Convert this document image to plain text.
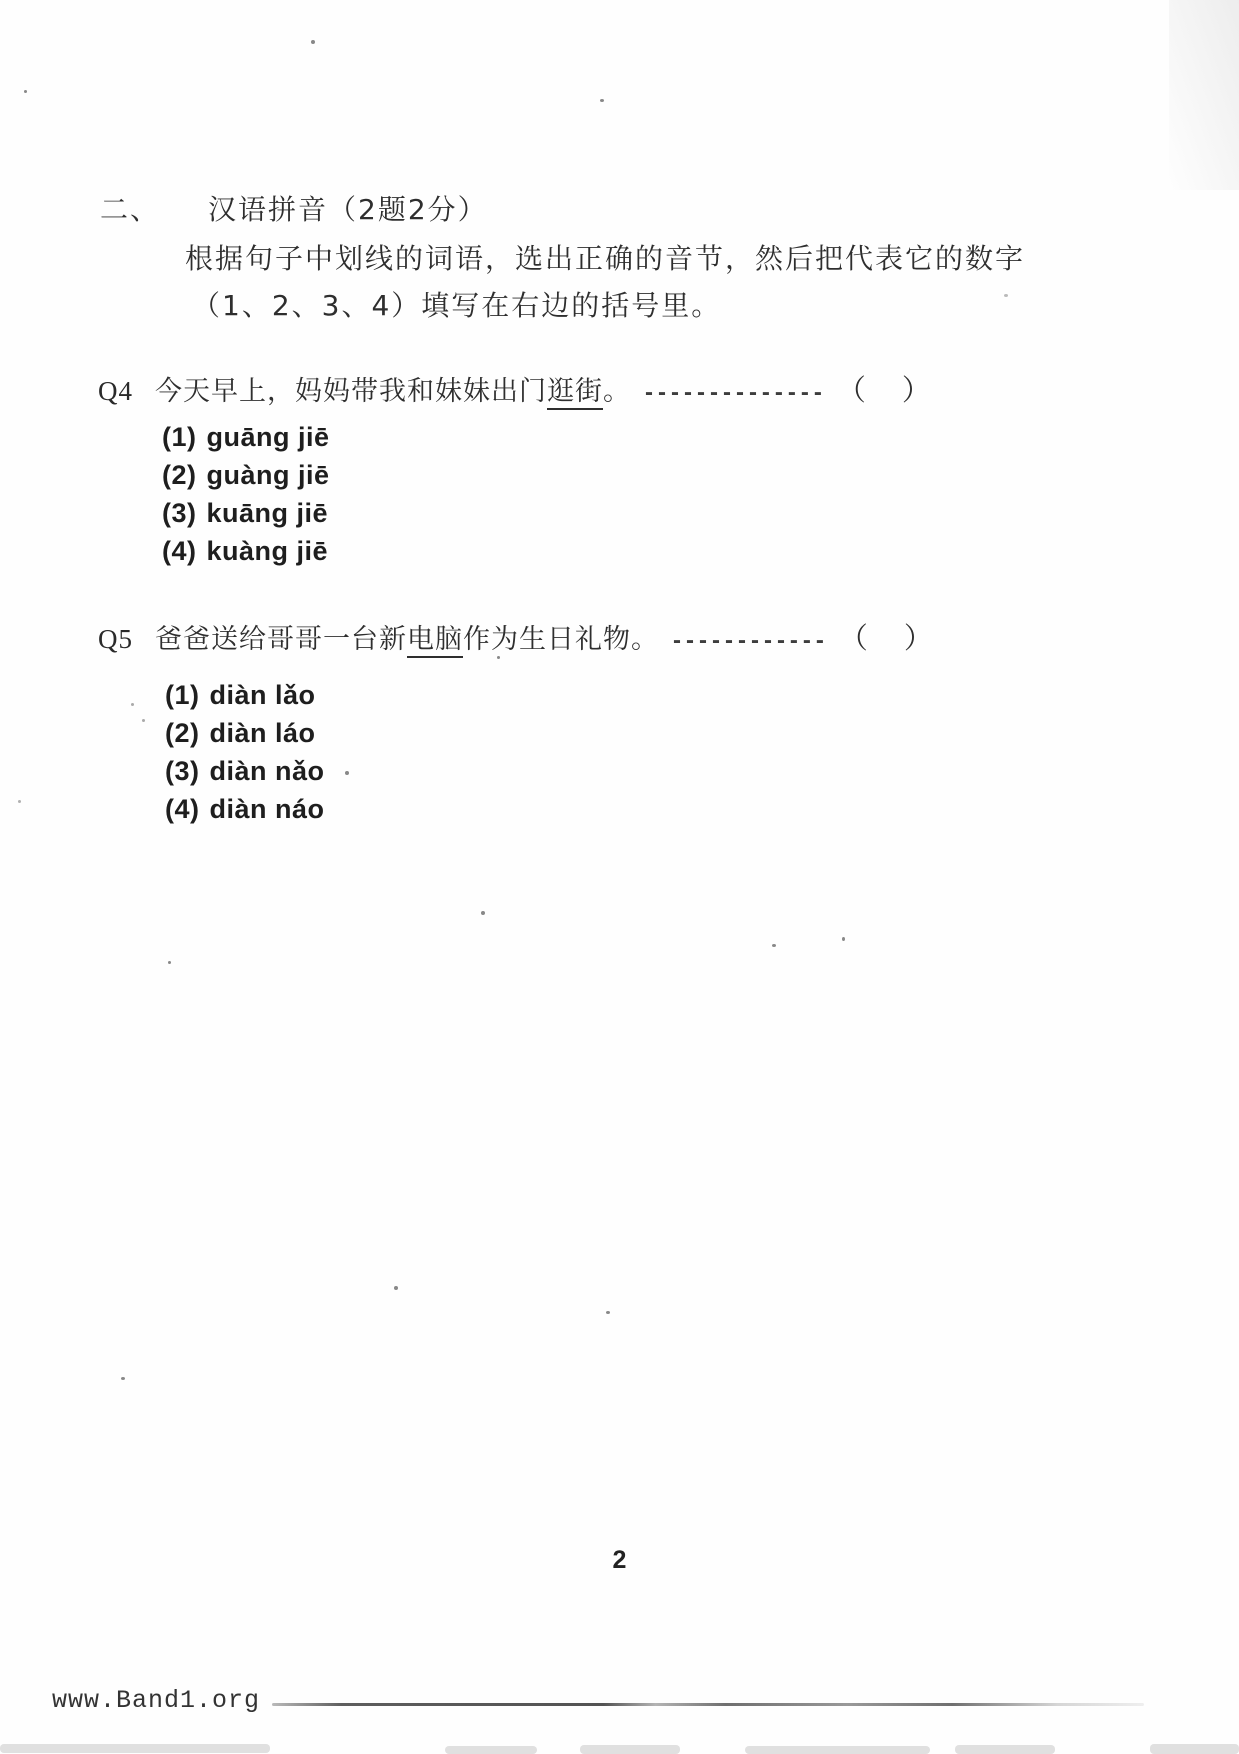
二、 汉语拼音（2题2分）
根据句子中划线的词语，选出正确的音节，然后把代表它的数字
（1、2、3、4）填写在右边的括号里。
Q4 今天早上，妈妈带我和妹妹出门逛街。 -------------- （ ）
(1) guāng jiē
(2) guàng jiē
(3) kuāng jiē
(4) kuàng jiē
Q5 爸爸送给哥哥一台新电脑作为生日礼物。 ------------ （ ）
(1) diàn lǎo
(2) diàn láo
(3) diàn nǎo
(4) diàn náo
2
www.Band1.org
